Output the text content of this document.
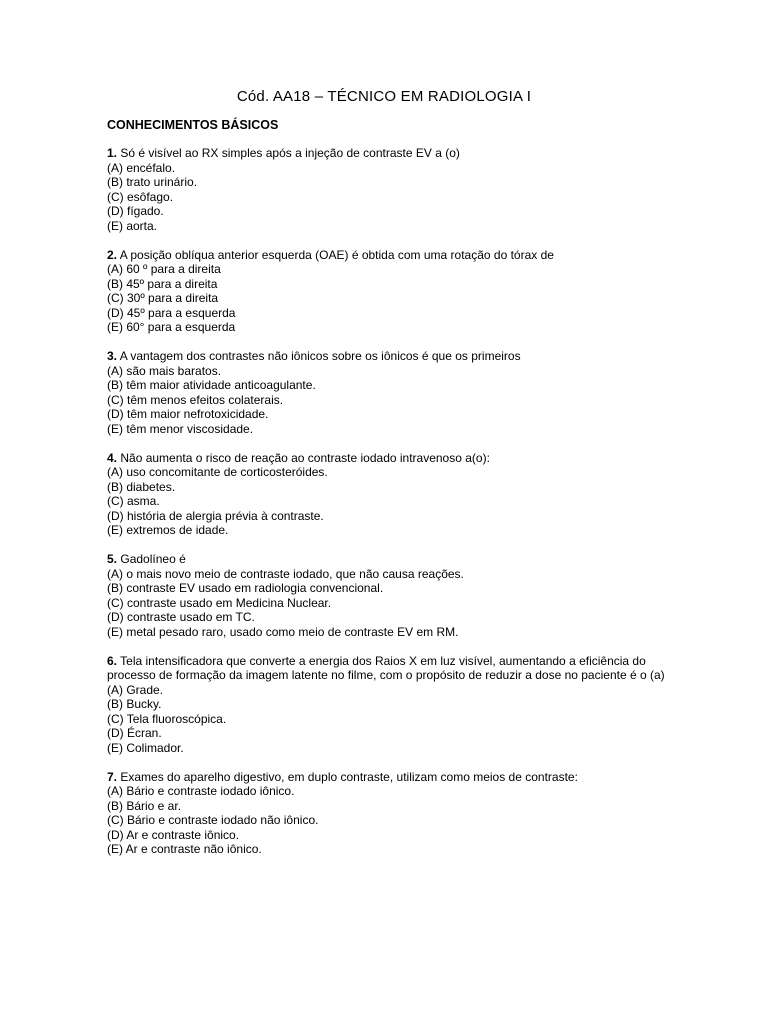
Cód. AA18 – TÉCNICO EM RADIOLOGIA I
CONHECIMENTOS BÁSICOS
1. Só é visível ao RX simples após a injeção de contraste EV a (o)
(A) encéfalo.
(B) trato urinário.
(C) esôfago.
(D) fígado.
(E) aorta.
2. A posição oblíqua anterior esquerda (OAE) é obtida com uma rotação do tórax de
(A) 60 º para a direita
(B) 45º para a direita
(C) 30º para a direita
(D) 45º para a esquerda
(E) 60° para a esquerda
3. A vantagem dos contrastes não iônicos sobre os iônicos é que os primeiros
(A) são mais baratos.
(B) têm maior atividade anticoagulante.
(C) têm menos efeitos colaterais.
(D) têm maior nefrotoxicidade.
(E) têm menor viscosidade.
4. Não aumenta o risco de reação ao contraste iodado intravenoso a(o):
(A) uso concomitante de corticosteróides.
(B) diabetes.
(C) asma.
(D) história de alergia prévia à contraste.
(E) extremos de idade.
5. Gadolíneo é
(A) o mais novo meio de contraste iodado, que não causa reações.
(B) contraste EV usado em radiologia convencional.
(C) contraste usado em Medicina Nuclear.
(D) contraste usado em TC.
(E) metal pesado raro, usado como meio de contraste EV em RM.
6. Tela intensificadora que converte a energia dos Raios X em luz visível, aumentando a eficiência do processo de formação da imagem latente no filme, com o propósito de reduzir a dose no paciente é o (a)
(A) Grade.
(B) Bucky.
(C) Tela fluoroscópica.
(D) Écran.
(E) Colimador.
7. Exames do aparelho digestivo, em duplo contraste, utilizam como meios de contraste:
(A) Bário e contraste iodado iônico.
(B) Bário e ar.
(C) Bário e contraste iodado não iônico.
(D) Ar e contraste iônico.
(E) Ar e contraste não iônico.
